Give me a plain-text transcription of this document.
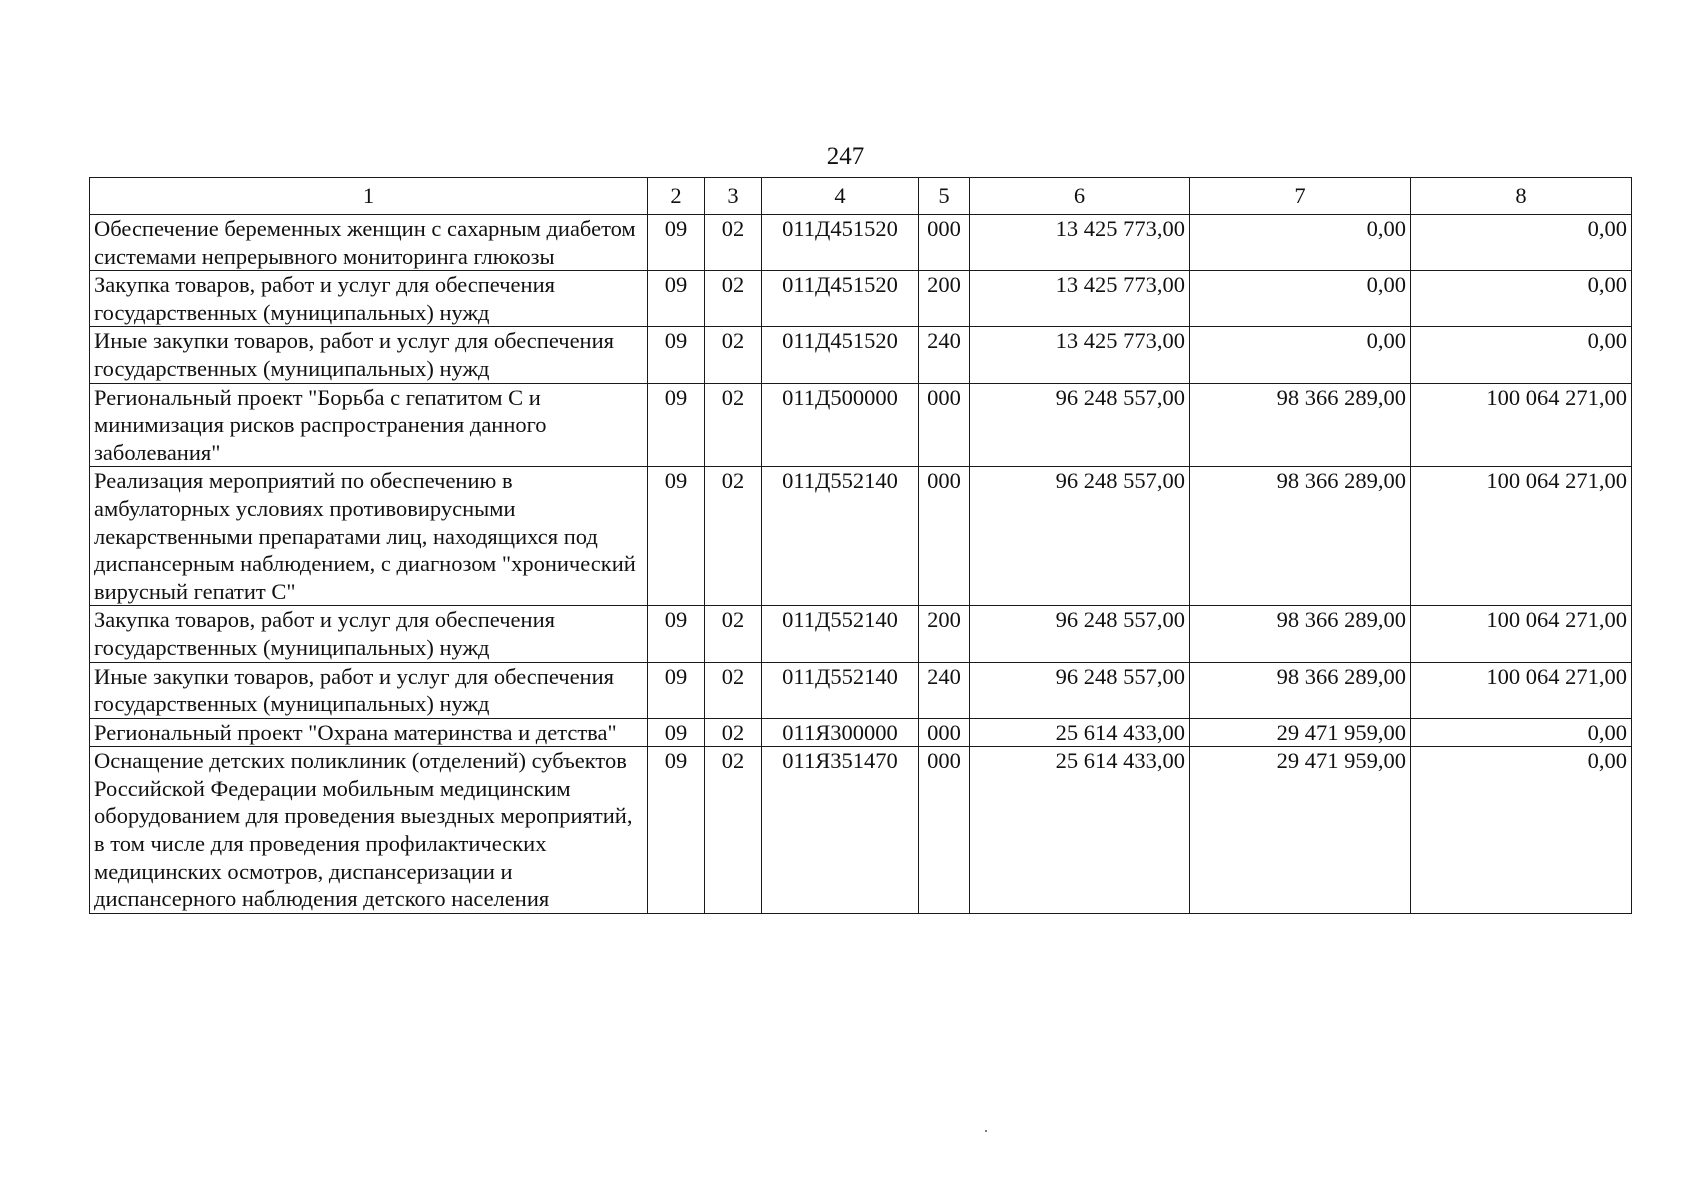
247
1	2	3	4	5	6	7	8
Обеспечение беременных женщин с сахарным диабетом системами непрерывного мониторинга глюкозы	09	02	011Д451520	000	13 425 773,00	0,00	0,00
Закупка товаров, работ и услуг для обеспечения государственных (муниципальных) нужд	09	02	011Д451520	200	13 425 773,00	0,00	0,00
Иные закупки товаров, работ и услуг для обеспечения государственных (муниципальных) нужд	09	02	011Д451520	240	13 425 773,00	0,00	0,00
Региональный проект "Борьба с гепатитом С и минимизация рисков распространения данного заболевания"	09	02	011Д500000	000	96 248 557,00	98 366 289,00	100 064 271,00
Реализация мероприятий по обеспечению в амбулаторных условиях противовирусными лекарственными препаратами лиц, находящихся под диспансерным наблюдением, с диагнозом "хронический вирусный гепатит С"	09	02	011Д552140	000	96 248 557,00	98 366 289,00	100 064 271,00
Закупка товаров, работ и услуг для обеспечения государственных (муниципальных) нужд	09	02	011Д552140	200	96 248 557,00	98 366 289,00	100 064 271,00
Иные закупки товаров, работ и услуг для обеспечения государственных (муниципальных) нужд	09	02	011Д552140	240	96 248 557,00	98 366 289,00	100 064 271,00
Региональный проект "Охрана материнства и детства"	09	02	011Я300000	000	25 614 433,00	29 471 959,00	0,00
Оснащение детских поликлиник (отделений) субъектов Российской Федерации мобильным медицинским оборудованием для проведения выездных мероприятий, в том числе для проведения профилактических медицинских осмотров, диспансеризации и диспансерного наблюдения детского населения	09	02	011Я351470	000	25 614 433,00	29 471 959,00	0,00
